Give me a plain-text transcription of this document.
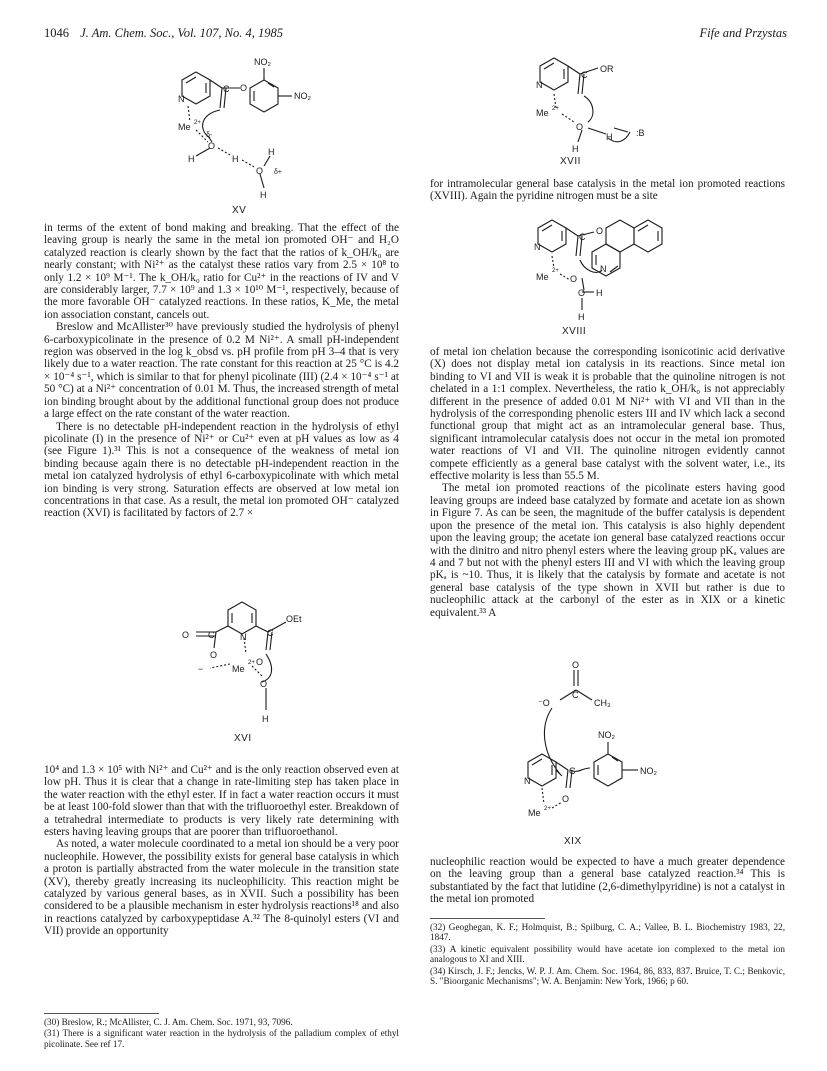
1046 J. Am. Chem. Soc., Vol. 107, No. 4, 1985	Fife and Przystas
NO₂
NO₂
N
C O
Me 2+
δ-
O
H	H
O
H
δ+
H
XV

in terms of the extent of bond making and breaking. That the effect of the leaving group is nearly the same in the metal ion promoted OH⁻ and H₂O catalyzed reaction is clearly shown by the fact that the ratios of k_OH/k₀ are nearly constant; with Ni²⁺ as the catalyst these ratios vary from 2.5 × 10⁸ to only 1.2 × 10⁹ M⁻¹. The k_OH/k₀ ratio for Cu²⁺ in the reactions of IV and V are considerably larger, 7.7 × 10⁹ and 1.3 × 10¹⁰ M⁻¹, respectively, because of the more favorable OH⁻ catalyzed reactions. In these ratios, K_Me, the metal ion association constant, cancels out.

Breslow and McAllister³⁰ have previously studied the hydrolysis of phenyl 6-carboxypicolinate in the presence of 0.2 M Ni²⁺. A small pH-independent region was observed in the log k_obsd vs. pH profile from pH 3–4 that is very likely due to a water reaction. The rate constant for this reaction at 25 °C is 4.2 × 10⁻⁴ s⁻¹, which is similar to that for phenyl picolinate (III) (2.4 × 10⁻⁴ s⁻¹ at 50 °C) at a Ni²⁺ concentration of 0.01 M. Thus, the increased strength of metal ion binding brought about by the additional functional group does not produce a large effect on the rate constant of the water reaction.

There is no detectable pH-independent reaction in the hydrolysis of ethyl picolinate (I) in the presence of Ni²⁺ or Cu²⁺ even at pH values as low as 4 (see Figure 1).³¹ This is not a consequence of the weakness of metal ion binding because again there is no detectable pH-independent reaction in the metal ion catalyzed hydrolysis of ethyl 6-carboxypicolinate with which metal ion binding is very strong. Saturation effects are observed at low metal ion concentrations in that case. As a result, the metal ion promoted OH⁻ catalyzed reaction (XVI) is facilitated by factors of 2.7 ×

O C
O
−
N C
OEt
Me
2+ O
O
H
XVI

10⁴ and 1.3 × 10⁵ with Ni²⁺ and Cu²⁺ and is the only reaction observed even at low pH. Thus it is clear that a change in rate-limiting step has taken place in the water reaction with the ethyl ester. If in fact a water reaction occurs it must be at least 100-fold slower than that with the trifluoroethyl ester. Breakdown of a tetrahedral intermediate to products is very likely rate determining with esters having leaving groups that are poorer than trifluoroethanol.

As noted, a water molecule coordinated to a metal ion should be a very poor nucleophile. However, the possibility exists for general base catalysis in which a proton is partially abstracted from the water molecule in the transition state (XV), thereby greatly increasing its nucleophilicity. This reaction might be catalyzed by various general bases, as in XVII. Such a possibility has been considered to be a plausible mechanism in ester hydrolysis reactions¹⁸ and also in reactions catalyzed by carboxypeptidase A.³² The 8-quinolyl esters (VI and VII) provide an opportunity

(30) Breslow, R.; McAllister, C. J. Am. Chem. Soc. 1971, 93, 7096.

(31) There is a significant water reaction in the hydrolysis of the palladium complex of ethyl picolinate. See ref 17.

OR
N
C
Me 2+
O
H
H	:B
XVII

for intramolecular general base catalysis in the metal ion promoted reactions (XVIII). Again the pyridine nitrogen must be a site

N
C
O
N
Me
2+
O
O H
H
XVIII

of metal ion chelation because the corresponding isonicotinic acid derivative (X) does not display metal ion catalysis in its reactions. Since metal ion binding to VI and VII is weak it is probable that the quinoline nitrogen is not chelated in a 1:1 complex. Nevertheless, the ratio k_OH/k₀ is not appreciably different in the presence of added 0.01 M Ni²⁺ with VI and VII than in the hydrolysis of the corresponding phenolic esters III and IV which lack a second functional group that might act as an intramolecular general base. Thus, significant intramolecular catalysis does not occur in the metal ion promoted water reactions of VI and VII. The quinoline nitrogen evidently cannot compete efficiently as a general base catalyst with the solvent water, i.e., its effective molarity is less than 55.5 M.

The metal ion promoted reactions of the picolinate esters having good leaving groups are indeed base catalyzed by formate and acetate ion as shown in Figure 7. As can be seen, the magnitude of the buffer catalysis is dependent upon the presence of the metal ion. This catalysis is also highly dependent upon the leaving group; the acetate ion general base catalyzed reactions occur with the dinitro and nitro phenyl esters where the leaving group pKₐ values are 4 and 7 but not with the phenyl esters III and VI with which the leaving group pKₐ is ~10. Thus, it is likely that the catalysis by formate and acetate is not general base catalysis of the type shown in XVII but rather is due to nucleophilic attack at the carbonyl of the ester as in XIX or a kinetic equivalent.³³ A

O
C
⁻O	CH₃
NO₂
NO₂
N
C
O
Me 2+
XIX

nucleophilic reaction would be expected to have a much greater dependence on the leaving group than a general base catalyzed reaction.³⁴ This is substantiated by the fact that lutidine (2,6-dimethylpyridine) is not a catalyst in the metal ion promoted

(32) Geoghegan, K. F.; Holmquist, B.; Spilburg, C. A.; Vallee, B. L. Biochemistry 1983, 22, 1847.

(33) A kinetic equivalent possibility would have acetate ion complexed to the metal ion analogous to XI and XIII.

(34) Kirsch, J. F.; Jencks, W. P. J. Am. Chem. Soc. 1964, 86, 833, 837. Bruice, T. C.; Benkovic, S. "Bioorganic Mechanisms"; W. A. Benjamin: New York, 1966; p 60.
